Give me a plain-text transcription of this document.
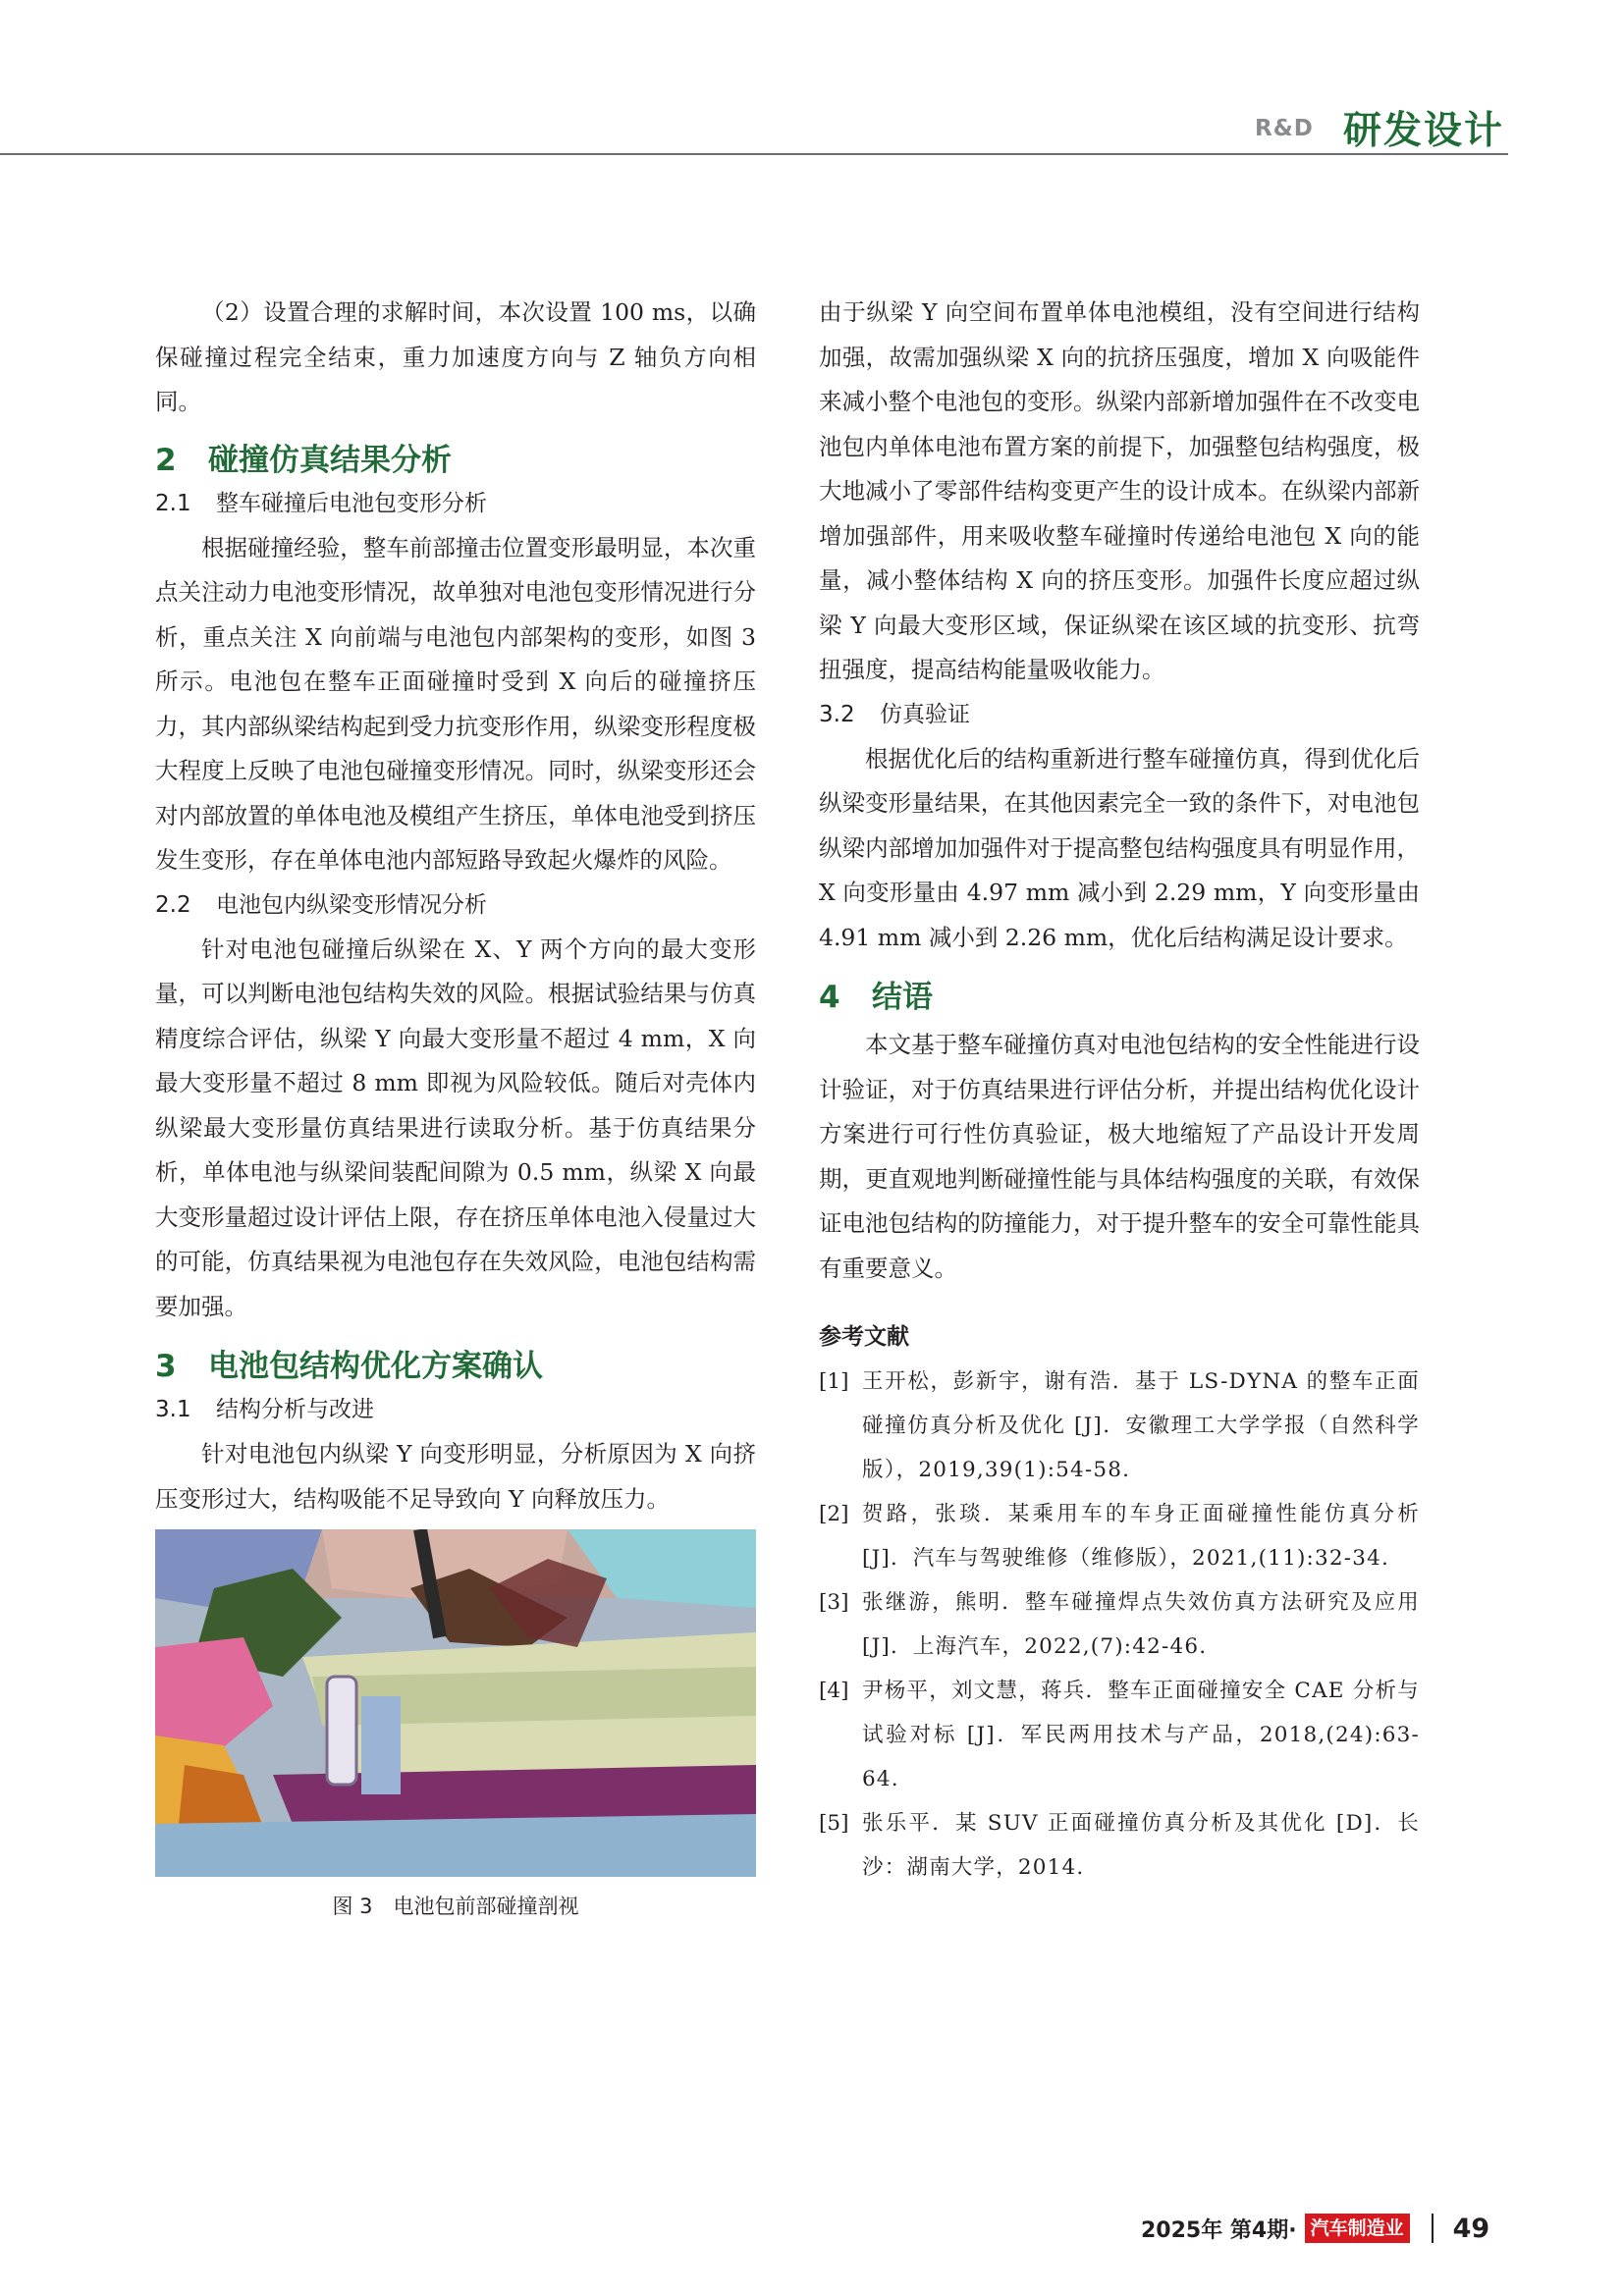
R&D 研发设计

（2）设置合理的求解时间，本次设置 100 ms，以确保碰撞过程完全结束，重力加速度方向与 Z 轴负方向相同。

2 碰撞仿真结果分析
2.1 整车碰撞后电池包变形分析

根据碰撞经验，整车前部撞击位置变形最明显，本次重点关注动力电池变形情况，故单独对电池包变形情况进行分析，重点关注 X 向前端与电池包内部架构的变形，如图 3 所示。电池包在整车正面碰撞时受到 X 向后的碰撞挤压力，其内部纵梁结构起到受力抗变形作用，纵梁变形程度极大程度上反映了电池包碰撞变形情况。同时，纵梁变形还会对内部放置的单体电池及模组产生挤压，单体电池受到挤压发生变形，存在单体电池内部短路导致起火爆炸的风险。

2.2 电池包内纵梁变形情况分析

针对电池包碰撞后纵梁在 X、Y 两个方向的最大变形量，可以判断电池包结构失效的风险。根据试验结果与仿真精度综合评估，纵梁 Y 向最大变形量不超过 4 mm，X 向最大变形量不超过 8 mm 即视为风险较低。随后对壳体内纵梁最大变形量仿真结果进行读取分析。基于仿真结果分析，单体电池与纵梁间装配间隙为 0.5 mm，纵梁 X 向最大变形量超过设计评估上限，存在挤压单体电池入侵量过大的可能，仿真结果视为电池包存在失效风险，电池包结构需要加强。

3 电池包结构优化方案确认
3.1 结构分析与改进

针对电池包内纵梁 Y 向变形明显，分析原因为 X 向挤压变形过大，结构吸能不足导致向 Y 向释放压力。

图 3　电池包前部碰撞剖视

由于纵梁 Y 向空间布置单体电池模组，没有空间进行结构加强，故需加强纵梁 X 向的抗挤压强度，增加 X 向吸能件来减小整个电池包的变形。纵梁内部新增加强件在不改变电池包内单体电池布置方案的前提下，加强整包结构强度，极大地减小了零部件结构变更产生的设计成本。在纵梁内部新增加强部件，用来吸收整车碰撞时传递给电池包 X 向的能量，减小整体结构 X 向的挤压变形。加强件长度应超过纵梁 Y 向最大变形区域，保证纵梁在该区域的抗变形、抗弯扭强度，提高结构能量吸收能力。

3.2 仿真验证

根据优化后的结构重新进行整车碰撞仿真，得到优化后纵梁变形量结果，在其他因素完全一致的条件下，对电池包纵梁内部增加加强件对于提高整包结构强度具有明显作用，X 向变形量由 4.97 mm 减小到 2.29 mm，Y 向变形量由 4.91 mm 减小到 2.26 mm，优化后结构满足设计要求。

4 结语

本文基于整车碰撞仿真对电池包结构的安全性能进行设计验证，对于仿真结果进行评估分析，并提出结构优化设计方案进行可行性仿真验证，极大地缩短了产品设计开发周期，更直观地判断碰撞性能与具体结构强度的关联，有效保证电池包结构的防撞能力，对于提升整车的安全可靠性能具有重要意义。

参考文献

[1] 王开松，彭新宇，谢有浩．基于 LS-DYNA 的整车正面碰撞仿真分析及优化 [J]．安徽理工大学学报（自然科学版），2019,39(1):54-58.
[2] 贺路，张琰．某乘用车的车身正面碰撞性能仿真分析 [J]．汽车与驾驶维修（维修版），2021,(11):32-34.
[3] 张继游，熊明．整车碰撞焊点失效仿真方法研究及应用 [J]．上海汽车，2022,(7):42-46.
[4] 尹杨平，刘文慧，蒋兵．整车正面碰撞安全 CAE 分析与试验对标 [J]．军民两用技术与产品，2018,(24):63-64.
[5] 张乐平．某 SUV 正面碰撞仿真分析及其优化 [D]．长沙：湖南大学，2014.
2025年 第4期· 汽车制造业 49
